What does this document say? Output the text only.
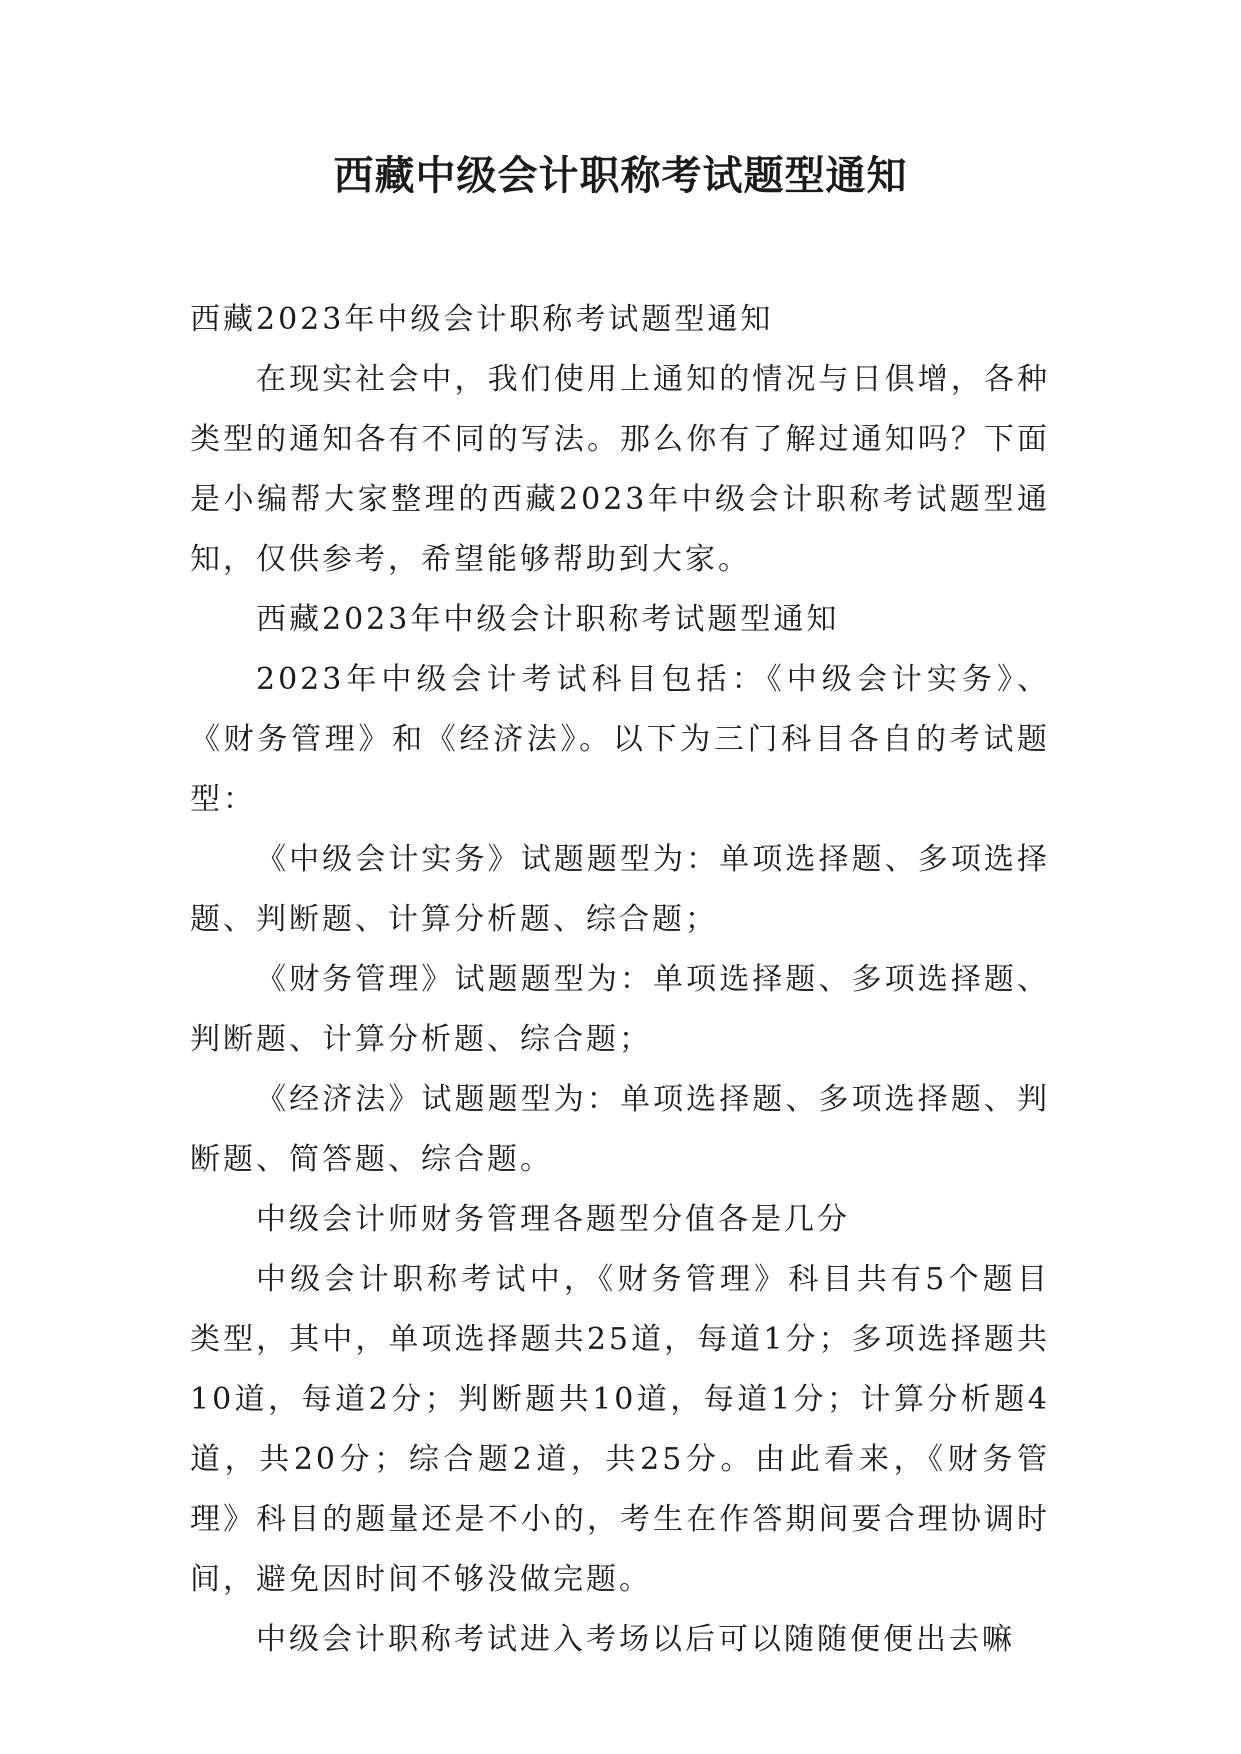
西藏中级会计职称考试题型通知

西藏2023年中级会计职称考试题型通知

在现实社会中，我们使用上通知的情况与日俱增，各种类型的通知各有不同的写法。那么你有了解过通知吗？下面是小编帮大家整理的西藏2023年中级会计职称考试题型通知，仅供参考，希望能够帮助到大家。

西藏2023年中级会计职称考试题型通知

2023年中级会计考试科目包括：《中级会计实务》、《财务管理》和《经济法》。以下为三门科目各自的考试题型：

《中级会计实务》试题题型为：单项选择题、多项选择题、判断题、计算分析题、综合题；

《财务管理》试题题型为：单项选择题、多项选择题、判断题、计算分析题、综合题；

《经济法》试题题型为：单项选择题、多项选择题、判断题、简答题、综合题。

中级会计师财务管理各题型分值各是几分

中级会计职称考试中，《财务管理》科目共有5个题目类型，其中，单项选择题共25道，每道1分；多项选择题共10道，每道2分；判断题共10道，每道1分；计算分析题4道，共20分；综合题2道，共25分。由此看来，《财务管理》科目的题量还是不小的，考生在作答期间要合理协调时间，避免因时间不够没做完题。

中级会计职称考试进入考场以后可以随随便便出去嘛
